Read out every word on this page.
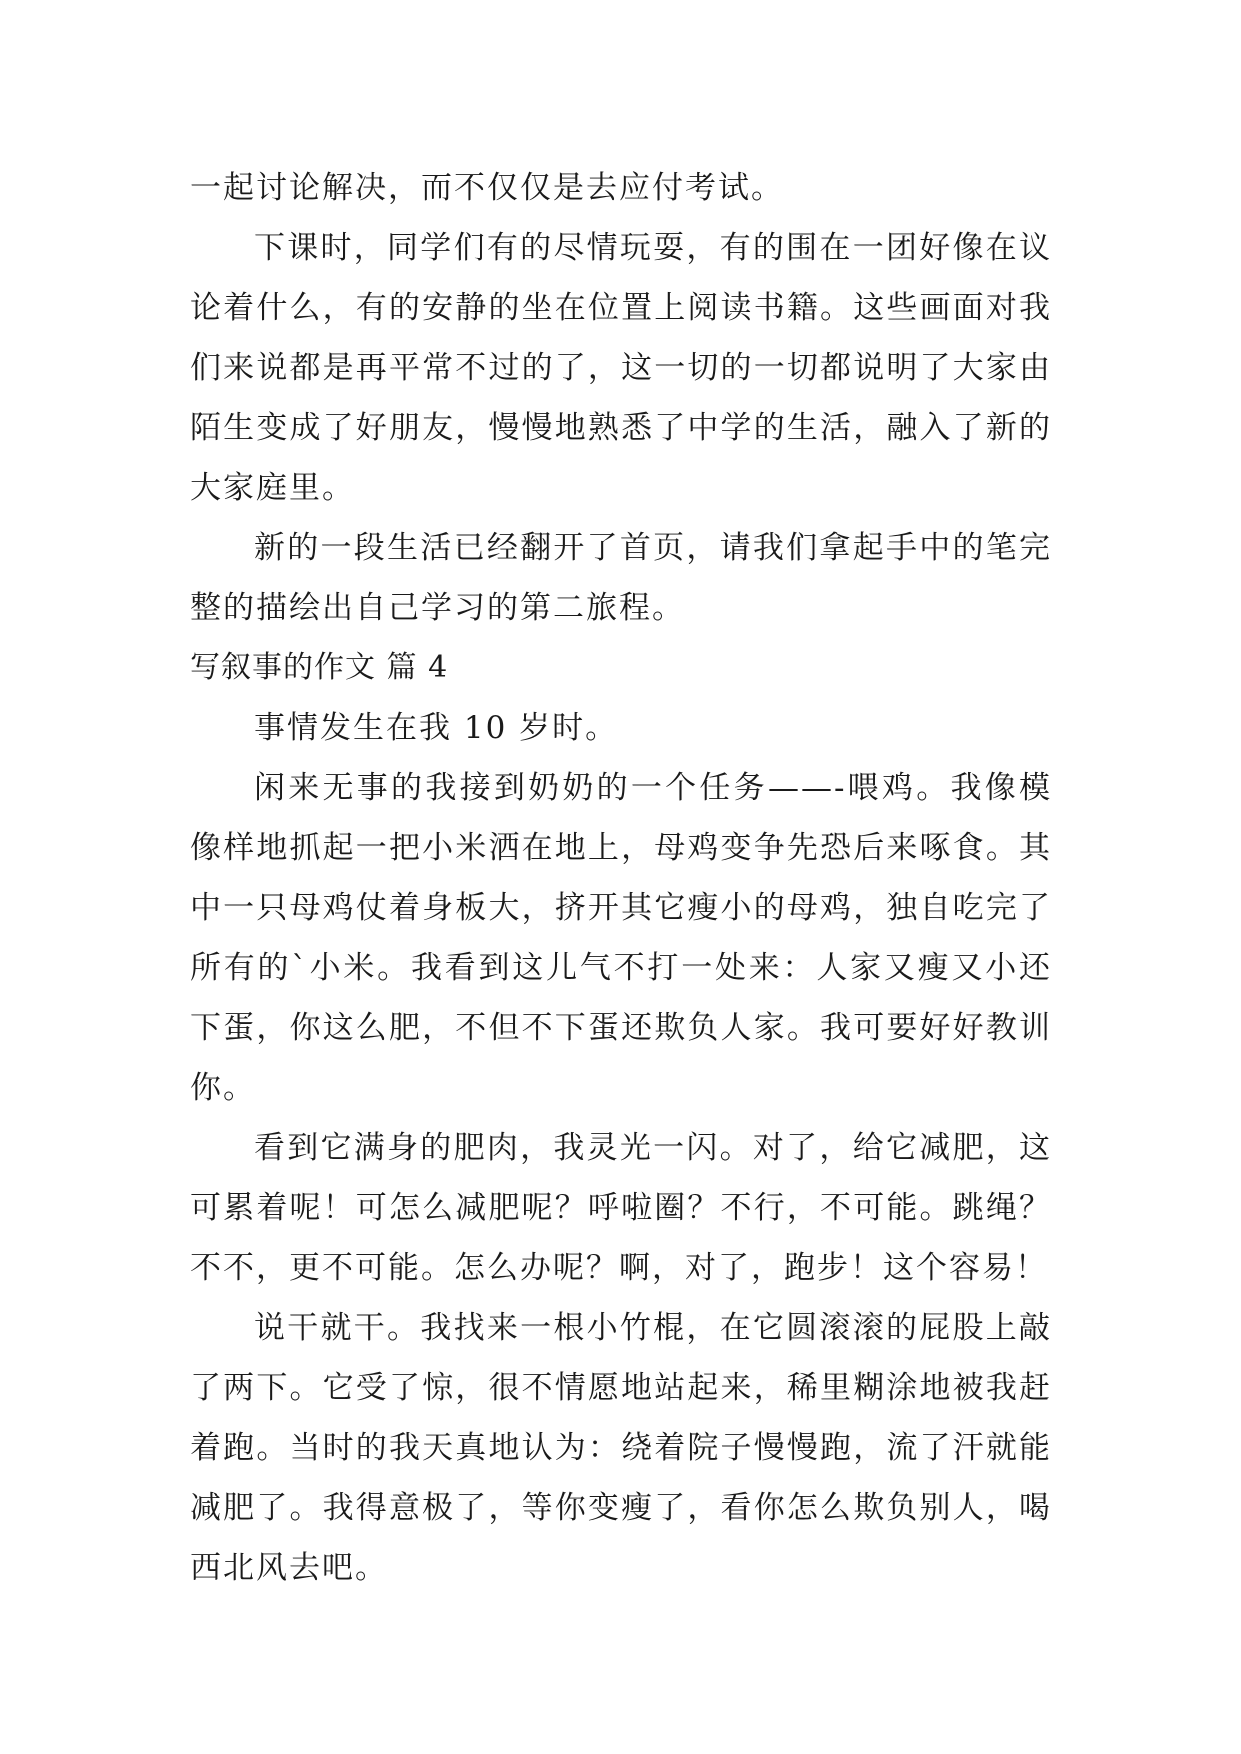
一起讨论解决，而不仅仅是去应付考试。

下课时，同学们有的尽情玩耍，有的围在一团好像在议论着什么，有的安静的坐在位置上阅读书籍。这些画面对我们来说都是再平常不过的了，这一切的一切都说明了大家由陌生变成了好朋友，慢慢地熟悉了中学的生活，融入了新的大家庭里。

新的一段生活已经翻开了首页，请我们拿起手中的笔完整的描绘出自己学习的第二旅程。

写叙事的作文 篇 4

事情发生在我 10 岁时。

闲来无事的我接到奶奶的一个任务——-喂鸡。我像模像样地抓起一把小米洒在地上，母鸡变争先恐后来啄食。其中一只母鸡仗着身板大，挤开其它瘦小的母鸡，独自吃完了所有的`小米。我看到这儿气不打一处来：人家又瘦又小还下蛋，你这么肥，不但不下蛋还欺负人家。我可要好好教训你。

看到它满身的肥肉，我灵光一闪。对了，给它减肥，这可累着呢！可怎么减肥呢？呼啦圈？不行，不可能。跳绳？不不，更不可能。怎么办呢？啊，对了，跑步！这个容易！

说干就干。我找来一根小竹棍，在它圆滚滚的屁股上敲了两下。它受了惊，很不情愿地站起来，稀里糊涂地被我赶着跑。当时的我天真地认为：绕着院子慢慢跑，流了汗就能减肥了。我得意极了，等你变瘦了，看你怎么欺负别人，喝西北风去吧。
